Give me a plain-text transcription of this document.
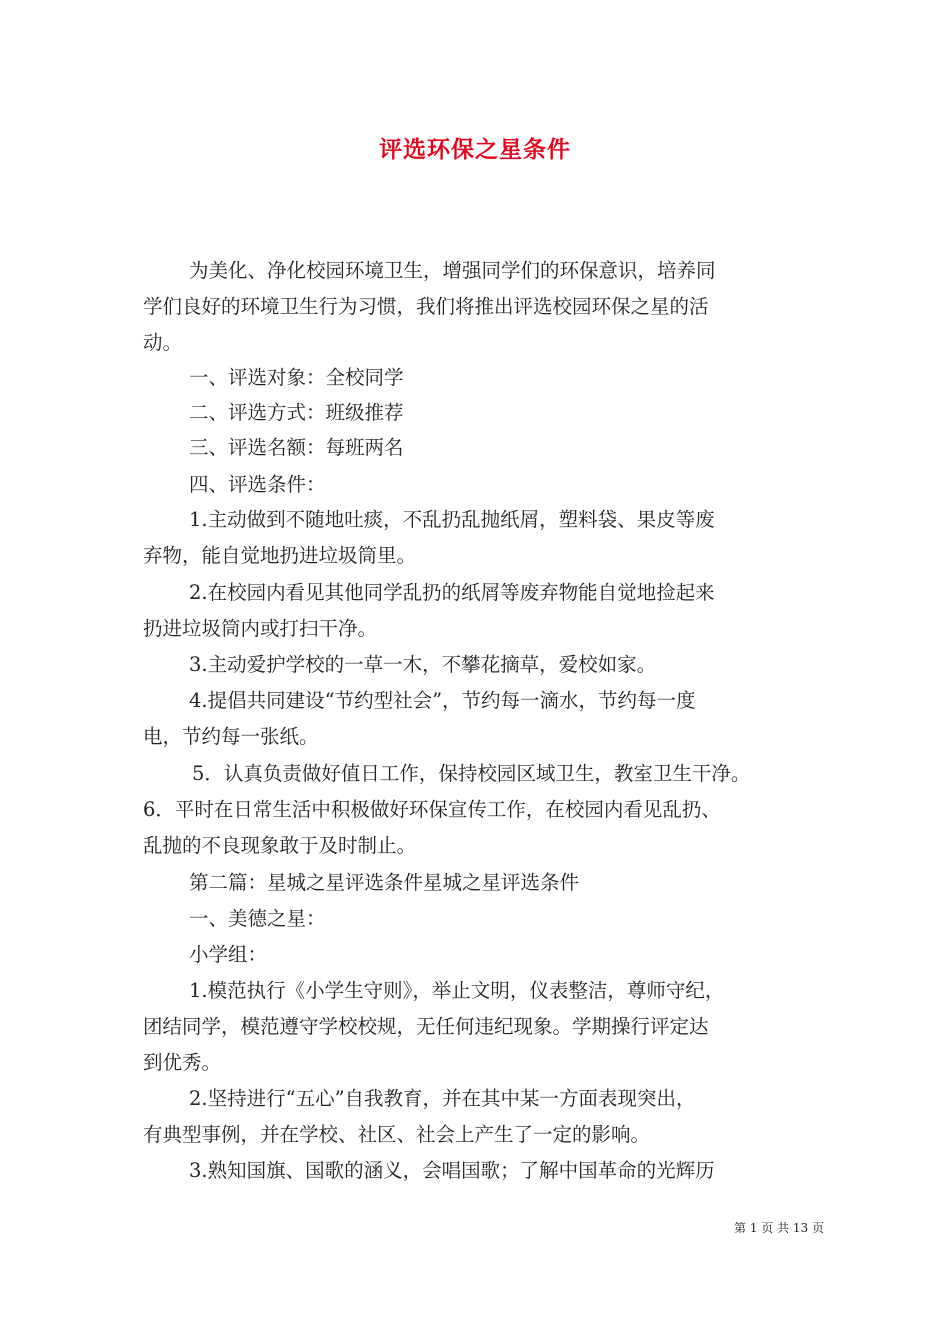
评选环保之星条件
为美化、净化校园环境卫生，增强同学们的环保意识，培养同
学们良好的环境卫生行为习惯，我们将推出评选校园环保之星的活
动。
一、评选对象：全校同学
二、评选方式：班级推荐
三、评选名额：每班两名
四、评选条件：
1.主动做到不随地吐痰，不乱扔乱抛纸屑，塑料袋、果皮等废
弃物，能自觉地扔进垃圾筒里。
2.在校园内看见其他同学乱扔的纸屑等废弃物能自觉地捡起来
扔进垃圾筒内或打扫干净。
3.主动爱护学校的一草一木，不攀花摘草，爱校如家。
4.提倡共同建设“节约型社会”，节约每一滴水，节约每一度
电，节约每一张纸。
5．认真负责做好值日工作，保持校园区域卫生，教室卫生干净。
6．平时在日常生活中积极做好环保宣传工作，在校园内看见乱扔、
乱抛的不良现象敢于及时制止。
第二篇：星城之星评选条件星城之星评选条件
一、美德之星：
小学组：
1.模范执行《小学生守则》，举止文明，仪表整洁，尊师守纪，
团结同学，模范遵守学校校规，无任何违纪现象。学期操行评定达
到优秀。
2.坚持进行“五心”自我教育，并在其中某一方面表现突出，
有典型事例，并在学校、社区、社会上产生了一定的影响。
3.熟知国旗、国歌的涵义，会唱国歌；了解中国革命的光辉历
第 1 页 共 13 页
